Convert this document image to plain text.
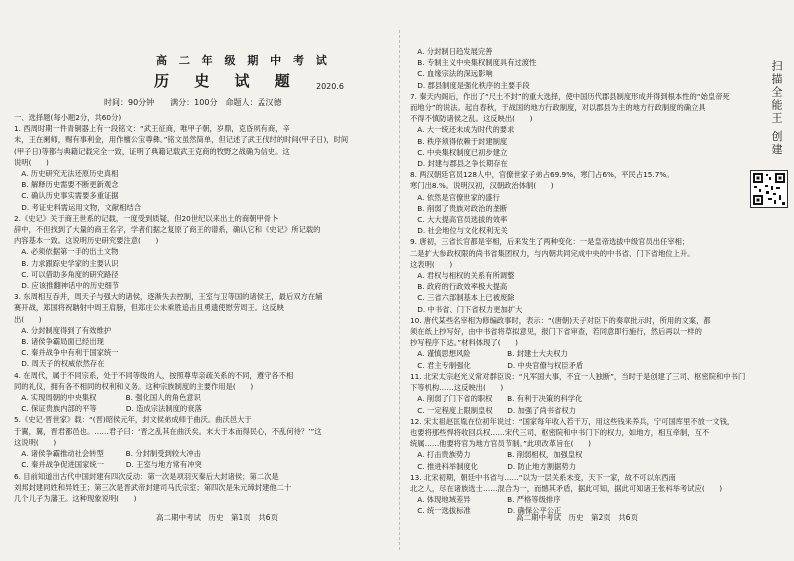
高 二 年 级 期 中 考 试
历 史 试 题 2020.6
时间：90分钟　　满分：100分　命题人：孟汉德

一、选择题(每小题2分，共60分)

1. 西周时期一件青铜器上有一段铭文：“武王征商，唯甲子朝，岁鼎，克昏夙有商，辛

未，王在阑师，赐有事利金，用作檀公宝尊彝。”铭文虽然简单，但记述了武王伐纣的时间(甲子日)，时间

(甲子日)等都与典籍记载完全一致，证明了典籍记载武王克商的牧野之战确为信史。这

说明(　　)

　A. 历史研究无法还原历史真相

　B. 解释历史需要不断更新观念

　C. 确认历史事实需要多重证据

　D. 考证史料需运用文物，文献相结合

2.《史记》关于商王世系的记载，一度受到质疑，但20世纪以来出土的商朝甲骨卜

辞中，不但找到了大量的商王名字，学者们据之复原了商王的谱系，确认它和《史记》所记载的

内容基本一致。这说明历史研究要注意(　　)

　A. 必须依据第一手的出土文物

　B. 力求跟踪史学家的主要认识

　C. 可以借助多角度的研究路径

　D. 应该推翻神话中的历史细节

3. 东周相互吞并，周天子与强大的诸侯，逐渐失去控制，王室与卫等国的诸侯王，最后双方在辅

赛开战，郑国将祝聃射中周王肩膀，但郑庄公未乘胜追击且勇遗使慰劳周王。这反映

出(　　)

　A. 分封制度得到了有效维护

　B. 诸侯争霸局面已经出现

　C. 秦并战争中有利于国家统一

　D. 周天子的权威依然存在

4. 在周代，属于不同宗系，处于不同等级的人，按照尊卑亲疏关系的不同，遵守各不相

同的礼仪，拥有各不相同的权利和义务。这种宗族制度的主要作用是(　　)

　A. 实现周朝的中央集权　　　　B. 强化国人的角色意识

　C. 保证贵族内部的平等　　　　D. 造成宗法制度的衰落

5.《史记·晋世家》载：“(晋)昭侯元年，封文侯弟成师于曲沃。曲沃邑大于

于翼，翼，晋君都邑也。……君子曰：‘晋之乱其在曲沃矣。末大于本而得民心，不乱何待？’”这

这说明(　　)

　A. 诸侯争霸推动社会转型　　　B. 分封制受到较大冲击

　C. 秦并战争促进国家统一　　　D. 王室与地方常有冲突

6. 目前知道出古代中国封建有四次反动：第一次是项羽灭秦后大封诸侯；第二次是

刘邦封建同姓和异姓王；第三次是晋武帝封建司马氏宗室；第四次是朱元璋封建他二十

几个儿子为藩王。这种现象说明(　　)

高二期中考试　历史　第1页　共6页

　A. 分封制日趋发展完善

　B. 专制主义中央集权制度具有过渡性

　C. 血缘宗法的深远影响

　D. 郡县制度是强化秩序的主要手段

7. 秦天内阁后，作出了“尺土不封”的重大选择，使中国历代郡县制度形成并得到根本性的“始皇帝死

而地分”的说法。起自春秋，于战国的地方行政制度，对以郡县为主的地方行政制度的确立具

不得不慎防诸侯之乱。这反映出(　　)

　A. 大一统还未成为时代的要求

　B. 秩序须得依赖于封建制度

　C. 中央集权制度已初步建立

　D. 封建与郡县之争长期存在

8. 两汉朝廷官员128人中，官僚世家子弟占69.9%，寒门占6%，平民占15.7%。

寒门出8.%。说明汉初，汉朝政治体制(　　)

　A. 依然是官僚世家的盛行

　B. 削弱了贵族对政治的垄断

　C. 大大提高官员选拔的效率

　D. 社会地位与文化权利无关

9. 唐初，三省长官都是宰相，后来发生了两种变化：一是皇帝选拔中级官员出任宰相；

二是扩大参政权限的尚书省集团权力，与内朝共同完成中央的中书省、门下省地位上升。

这表明(　　)

　A. 君权与相权的关系有所调整

　B. 政府的行政效率极大提高

　C. 三省六部制基本上已被废除

　D. 中书省、门下省权力更加扩大

10. 唐代某些名宰相为修编政事时，表示：“(唐朝)天子对臣下的奏章批示时，所用的文案，都

须在纸上抄写好，由中书省将草拟意见，报门下省审查，若同意即行施行，然后再以一样的

抄写程序下达。”材料体现了(　　)

　A. 谨慎思想风险　　　　　B. 封建士大夫权力

　C. 君主专制强化　　　　　D. 中央官僚与权臣矛盾

11. 北宋太宗赵光义常对群臣说：“凡军国大事，不宜一人独断”，当时于是创建了三司、枢密院和中书门

下等机构……这反映出(　　)

　A. 削弱了门下省的职权　　B. 有利于决策的科学化

　C. 一定程度上限制皇权　　D. 加强了尚书省权力

12. 宋太祖赵匡胤在位初年说过：“国家每年收入若干万，用这些钱来养兵，宁可国库里不放一文钱，

也要将那些悍将收回兵权……宋代三司、枢密院和中书门下的权力，如地方，相互牵制，互不

统属……他要将官为地方官员节制。”此项改革旨在(　　)

　A. 打击贵族势力　　　　　B. 削弱相权，加强皇权

　C. 推进科举制度化　　　　D. 防止地方割据势力

13. 北宋初期，朝廷中书省与……“以为一层关系未变，天下一家，故不可以东西南

北之人，尽在诸族选士……混合为一，而憾其矛盾，据此可知，据此可知诸王张科举考试应(　　)

　A. 体现地域差异　　　　　B. 严格等级排序

　C. 统一选拔标准　　　　　D. 确保公平公正

高二期中考试　历史　第2页　共6页
扫描全能王 创建
